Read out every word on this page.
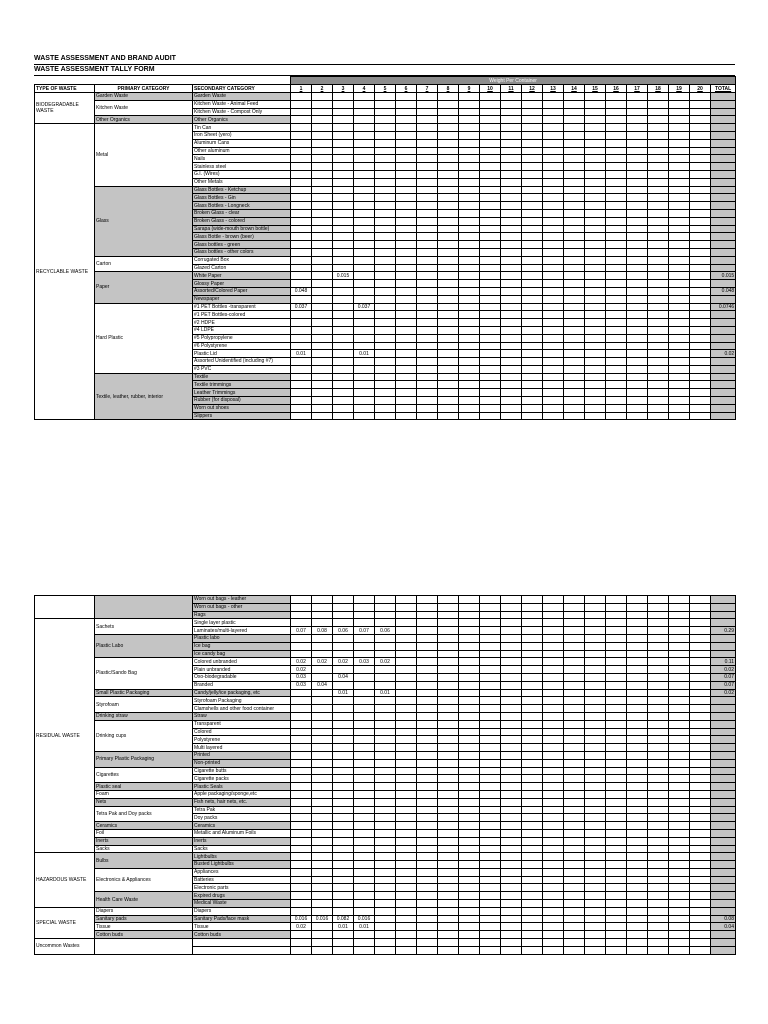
WASTE ASSESSMENT AND BRAND AUDIT
WASTE ASSESSMENT TALLY FORM
			Weight Per Container																				
TYPE OF WASTE	PRIMARY CATEGORY	SECONDARY CATEGORY	1	2	3	4	5	6	7	8	9	10	11	12	13	14	15	16	17	18	19	20	TOTAL
BIODEGRADABLE WASTE	Garden Waste	Garden Waste																					
	Kitchen Waste	Kitchen Waste - Animal Feed																					
		Kitchen Waste - Compost Only																					
	Other Organics	Other Organics																					
RECYCLABLE WASTE	Metal	Tin Can																					
		Iron Sheet (yero)																					
		Aluminum Cans																					
		Other aluminum																					
		Nails																					
		Stainless steel																					
		G.I. (Wires)																					
		Other Metals																					
	Glass	Glass Bottles - Ketchup																					
		Glass Bottles - Gin																					
		Glass Bottles - Longneck																					
		Broken Glass - clear																					
		Broken Glass - colored																					
		Sarapa (wide-mouth brown bottle)																					
		Glass Bottle - brown (beer)																					
		Glass bottles - green																					
		Glass bottles - other colors																					
	Carton	Corrugated Box																					
		Glazed Carton																					
	Paper	White Paper			0.015																		0.015
		Glossy Paper																					
		Assorted/Colored Paper	0.048																				0.048
		Newspaper																					
	Hard Plastic	#1 PET Bottles -transparent	0.037			0.037																	0.0746
		#1 PET Bottles-colored																					
		#2 HDPE																					
		#4 LDPE																					
		#5 Polypropylene																					
		#6 Polystyrene																					
		Plastic Lid	0.01			0.01																	0.02
		Assorted Unidentified (including #7)																					
		#3 PVC																					
	Textile, leather, rubber, interior	Textile																					
		Textile trimmings																					
		Leather Trimmings																					
		Rubber (for disposal)																					
		Worn out shoes																					
		Slippers																					
		Worn out bags - leather																					
		Worn out bags - other																					
		Rags																					
RESIDUAL WASTE	Sachets	Single layer plastic																					
		Laminates/multi-layered	0.07	0.08	0.06	0.07	0.06																0.29
	Plastic Labo	Plastic labo																					
		Ice bag																					
		Ice candy bag																					
	Plastic/Sando Bag	Colored unbranded	0.02	0.02	0.02	0.03	0.02																0.11
		Plain unbranded	0.02																				0.02
		Oxo-biodegradable	0.03		0.04																		0.07
		Branded	0.03	0.04																			0.07
	Small Plastic Packaging	Candy/jelly/ice packaging, etc			0.01		0.01																0.02
	Styrofoam	Styrofoam Packaging																					
		Clamshells and other food container																					
	Drinking straw	Straw																					
	Drinking cups	Transparent																					
		Colored																					
		Polystyrene																					
		Multi layered																					
	Primary Plastic Packaging	Printed																					
		Non-printed																					
	Cigarettes	Cigarette butts																					
		Cigarette packs																					
	Plastic seal	Plastic Seals																					
	Foam	Apple packaging/sponge,etc																					
	Nets	Fish nets, hair nets, etc.																					
	Tetra Pak and Doy packs	Tetra Pak																					
		Doy packs																					
	Ceramics	Ceramics																					
	Foil	Metallic and Aluminum Foils																					
	Inerts	Inerts																					
	Sacks	Sacks																					
HAZARDOUS WASTE	Bulbs	Lightbulbs																					
		Busted Lightbulbs																					
	Electronics & Appliances	Appliances																					
		Batteries																					
		Electronic parts																					
	Health Care Waste	Expired drugs																					
		Medical Waste																					
SPECIAL WASTE	Diapers	Diapers																					
	Sanitary pads	Sanitary Pads/face mask	0.016	0.016	0.082	0.016																	0.08
	Tissue	Tissue	0.02		0.01	0.01																	0.04
	Cotton buds	Cotton buds																					
Uncommon Wastes																							
